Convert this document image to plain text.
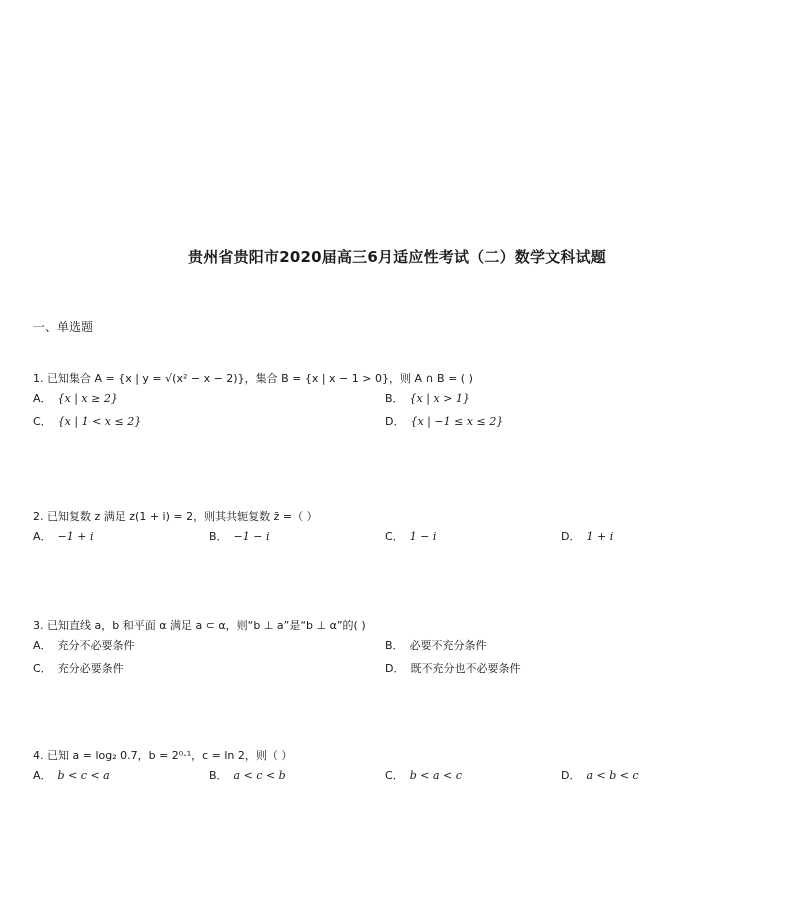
贵州省贵阳市2020届高三6月适应性考试（二）数学文科试题
一、单选题
1. 已知集合 A = {x | y = √(x² − x − 2)}，集合 B = {x | x − 1 > 0}，则 A ∩ B = ( )
A． {x | x ≥ 2}	B． {x | x > 1}
C． {x | 1 < x ≤ 2}	D． {x | −1 ≤ x ≤ 2}
2. 已知复数 z 满足 z(1 + i) = 2，则其共轭复数 z̄ =（ ）
A． −1 + i	B． −1 − i	C． 1 − i	D． 1 + i
3. 已知直线 a，b 和平面 α 满足 a ⊂ α，则“b ⊥ a”是“b ⊥ α”的( )
A． 充分不必要条件	B． 必要不充分条件
C． 充分必要条件	D． 既不充分也不必要条件
4. 已知 a = log₂ 0.7，b = 2⁰·¹，c = ln 2，则（ ）
A． b < c < a	B． a < c < b	C． b < a < c	D． a < b < c
